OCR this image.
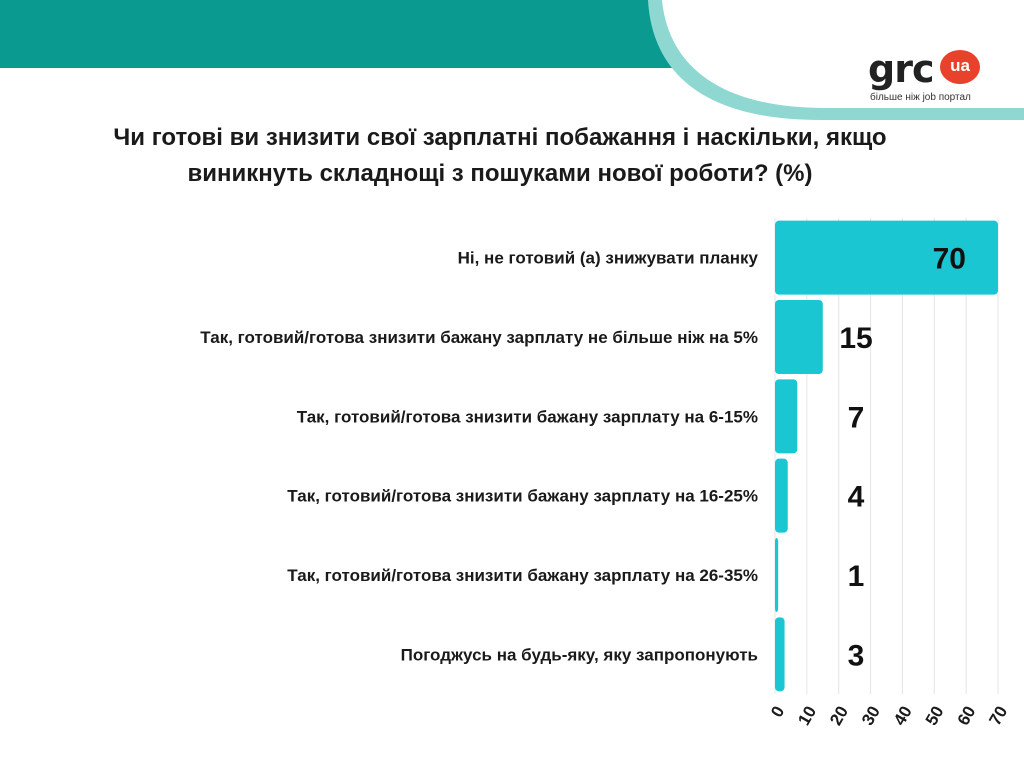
grc ua
більше ніж job портал
Чи готові ви знизити свої зарплатні побажання і наскільки, якщо
виникнуть складнощі з пошуками нової роботи? (%)
Ні, не готовий (а) знижувати планку	70
Так, готовий/готова знизити бажану зарплату не більше ніж на 5%	15
Так, готовий/готова знизити бажану зарплату на 6-15%	7
Так, готовий/готова знизити бажану зарплату на 16-25%	4
Так, готовий/готова знизити бажану зарплату на 26-35%	1
Погоджусь на будь-яку, яку запропонують	3
0 10 20 30 40 50 60 70
